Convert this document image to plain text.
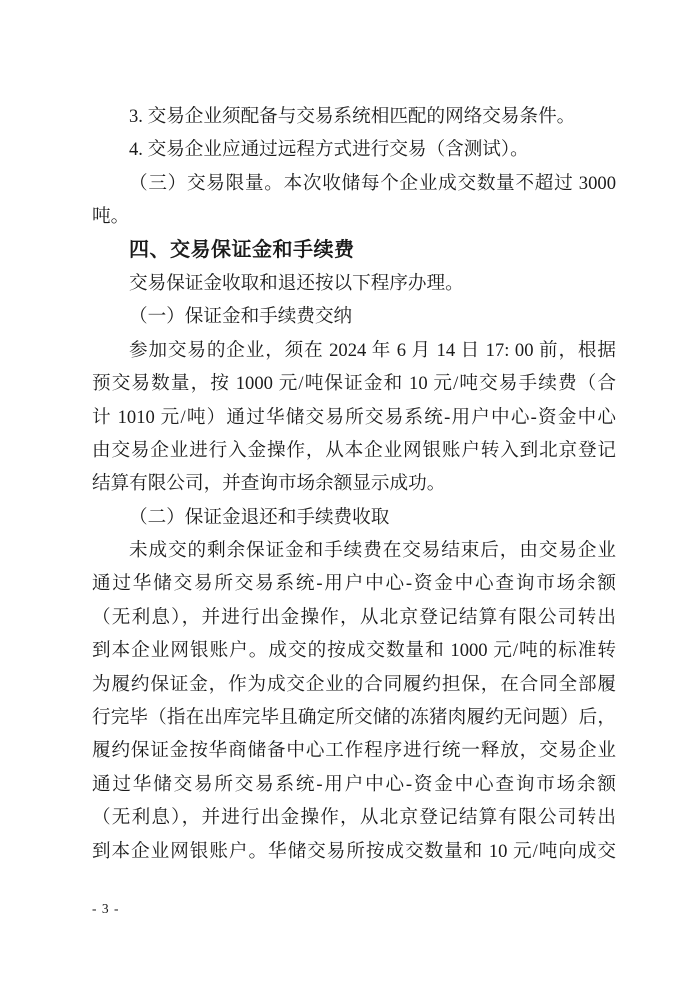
3. 交易企业须配备与交易系统相匹配的网络交易条件。
4. 交易企业应通过远程方式进行交易（含测试）。
（三）交易限量。本次收储每个企业成交数量不超过 3000
吨。
四、交易保证金和手续费
交易保证金收取和退还按以下程序办理。
（一）保证金和手续费交纳
参加交易的企业，须在 2024 年 6 月 14 日 17: 00 前，根据
预交易数量，按 1000 元/吨保证金和 10 元/吨交易手续费（合
计 1010 元/吨）通过华储交易所交易系统-用户中心-资金中心
由交易企业进行入金操作，从本企业网银账户转入到北京登记
结算有限公司，并查询市场余额显示成功。
（二）保证金退还和手续费收取
未成交的剩余保证金和手续费在交易结束后，由交易企业
通过华储交易所交易系统-用户中心-资金中心查询市场余额
（无利息），并进行出金操作，从北京登记结算有限公司转出
到本企业网银账户。成交的按成交数量和 1000 元/吨的标准转
为履约保证金，作为成交企业的合同履约担保，在合同全部履
行完毕（指在出库完毕且确定所交储的冻猪肉履约无问题）后，
履约保证金按华商储备中心工作程序进行统一释放，交易企业
通过华储交易所交易系统-用户中心-资金中心查询市场余额
（无利息），并进行出金操作，从北京登记结算有限公司转出
到本企业网银账户。华储交易所按成交数量和 10 元/吨向成交
- 3 -
